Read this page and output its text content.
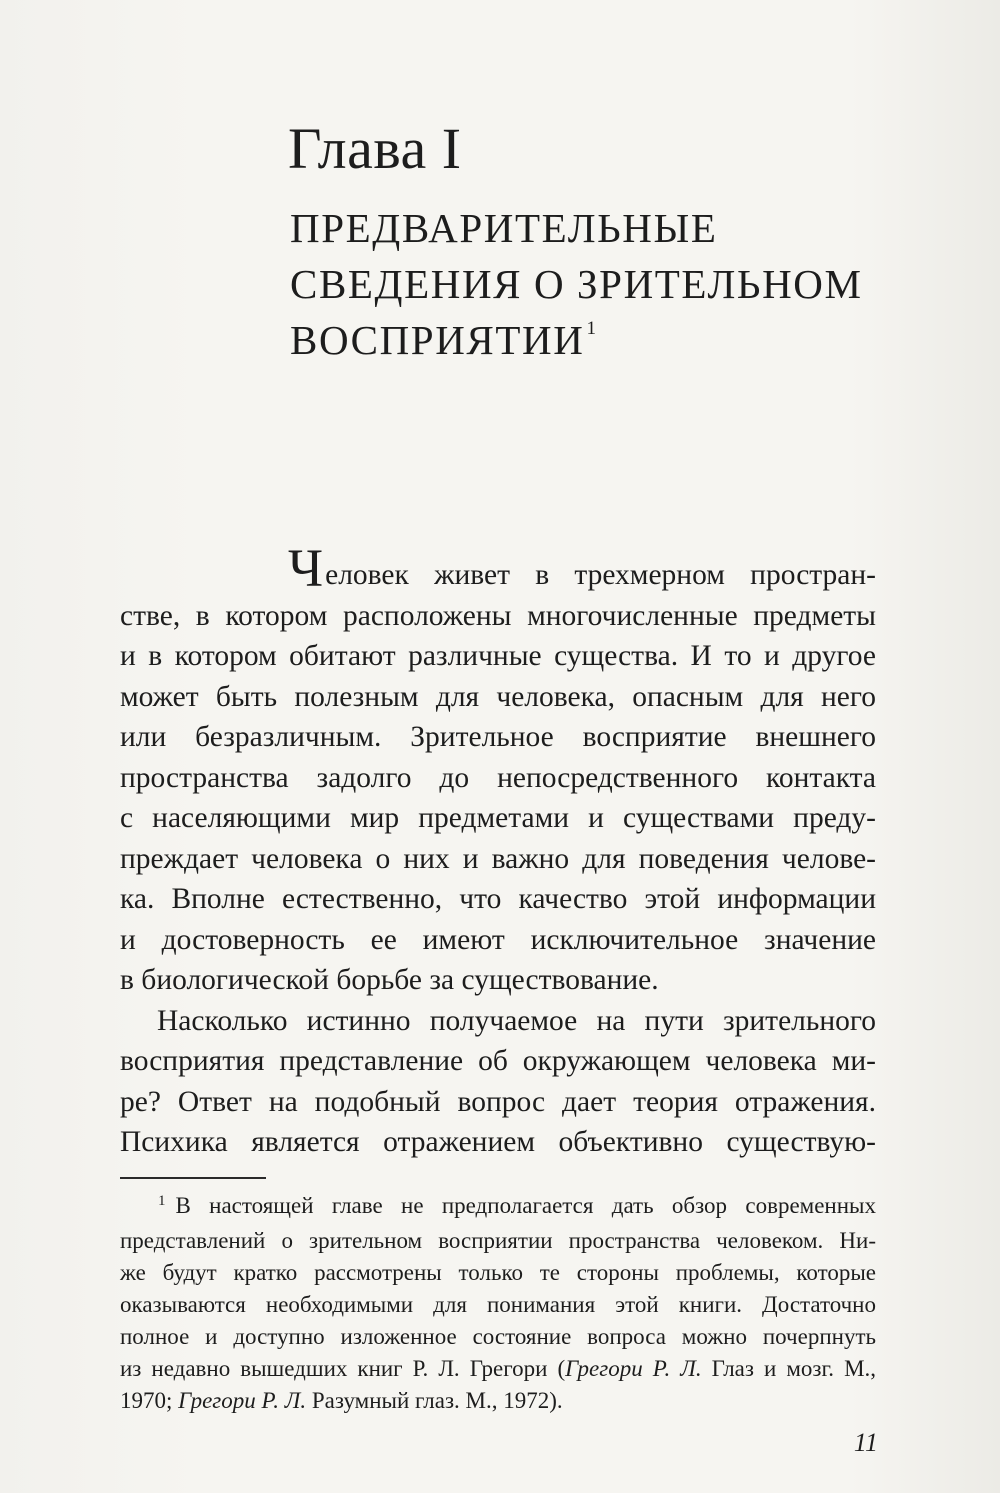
Глава I
ПРЕДВАРИТЕЛЬНЫЕ
СВЕДЕНИЯ О ЗРИТЕЛЬНОМ
ВОСПРИЯТИИ $^1$

Человек живет в трехмерном простран-

стве, в котором расположены многочисленные предметы

и в котором обитают различные существа. И то и другое

может быть полезным для человека, опасным для него

или безразличным. Зрительное восприятие внешнего

пространства задолго до непосредственного контакта

с населяющими мир предметами и существами преду-

преждает человека о них и важно для поведения челове-

ка. Вполне естественно, что качество этой информации

и достоверность ее имеют исключительное значение

в биологической борьбе за существование.

Насколько истинно получаемое на пути зрительного

восприятия представление об окружающем человека ми-

ре? Ответ на подобный вопрос дает теория отражения.

Психика является отражением объективно существую-

1 В настоящей главе не предполагается дать обзор современных

представлений о зрительном восприятии пространства человеком. Ни-

же будут кратко рассмотрены только те стороны проблемы, которые

оказываются необходимыми для понимания этой книги. Достаточно

полное и доступно изложенное состояние вопроса можно почерпнуть

из недавно вышедших книг Р. Л. Грегори (Грегори Р. Л. Глаз и мозг. М.,

1970; Грегори Р. Л. Разумный глаз. М., 1972).

11
